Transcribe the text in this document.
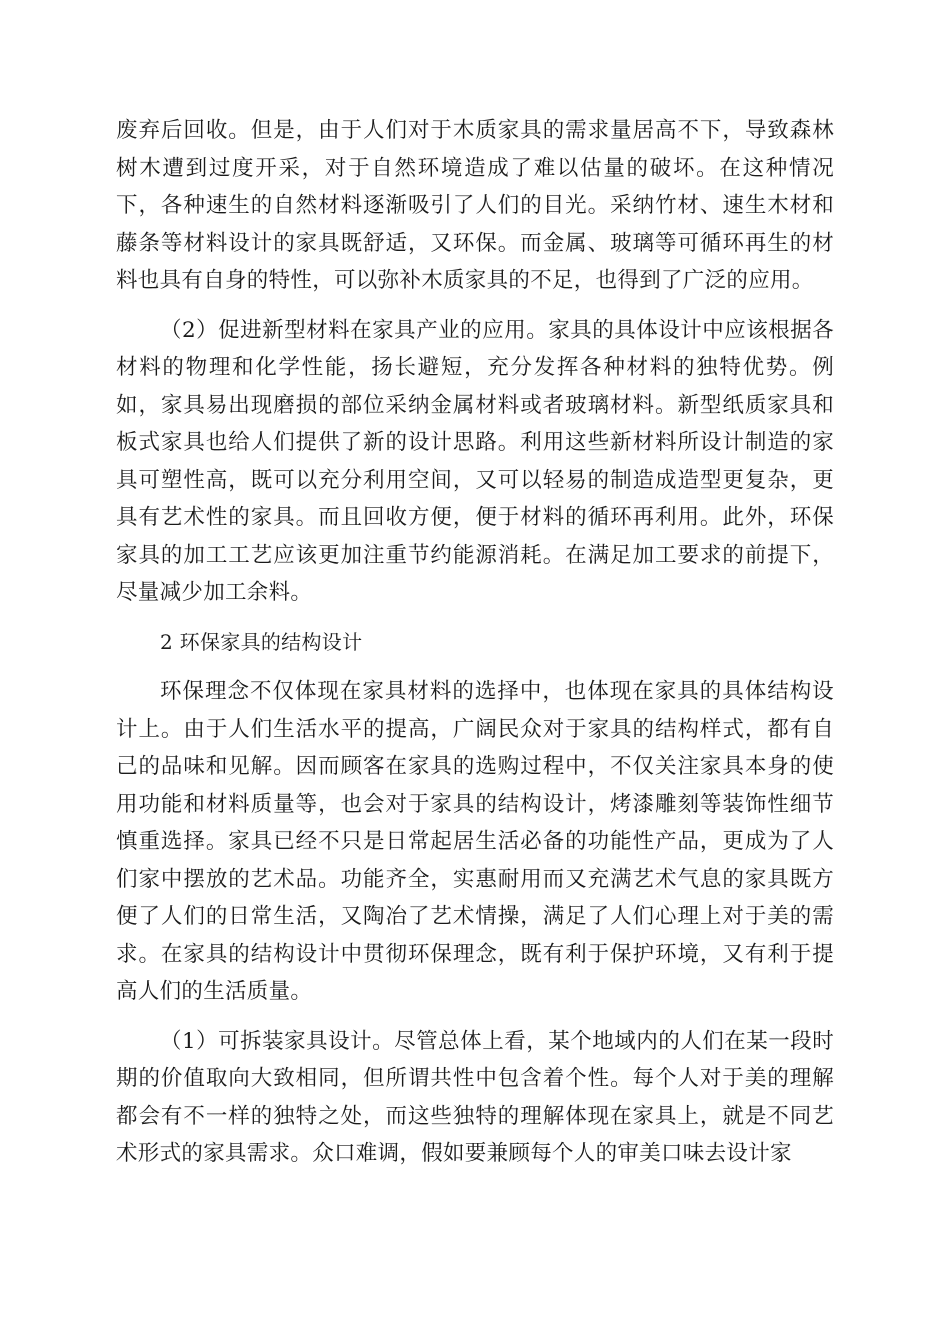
废弃后回收。但是，由于人们对于木质家具的需求量居高不下，导致森林树木遭到过度开采，对于自然环境造成了难以估量的破坏。在这种情况下，各种速生的自然材料逐渐吸引了人们的目光。采纳竹材、速生木材和藤条等材料设计的家具既舒适，又环保。而金属、玻璃等可循环再生的材料也具有自身的特性，可以弥补木质家具的不足，也得到了广泛的应用。

（2）促进新型材料在家具产业的应用。家具的具体设计中应该根据各材料的物理和化学性能，扬长避短，充分发挥各种材料的独特优势。例如，家具易出现磨损的部位采纳金属材料或者玻璃材料。新型纸质家具和板式家具也给人们提供了新的设计思路。利用这些新材料所设计制造的家具可塑性高，既可以充分利用空间，又可以轻易的制造成造型更复杂，更具有艺术性的家具。而且回收方便，便于材料的循环再利用。此外，环保家具的加工工艺应该更加注重节约能源消耗。在满足加工要求的前提下，尽量减少加工余料。

2 环保家具的结构设计

环保理念不仅体现在家具材料的选择中，也体现在家具的具体结构设计上。由于人们生活水平的提高，广阔民众对于家具的结构样式，都有自己的品味和见解。因而顾客在家具的选购过程中，不仅关注家具本身的使用功能和材料质量等，也会对于家具的结构设计，烤漆雕刻等装饰性细节慎重选择。家具已经不只是日常起居生活必备的功能性产品，更成为了人们家中摆放的艺术品。功能齐全，实惠耐用而又充满艺术气息的家具既方便了人们的日常生活，又陶冶了艺术情操，满足了人们心理上对于美的需求。在家具的结构设计中贯彻环保理念，既有利于保护环境，又有利于提高人们的生活质量。

（1）可拆装家具设计。尽管总体上看，某个地域内的人们在某一段时期的价值取向大致相同，但所谓共性中包含着个性。每个人对于美的理解都会有不一样的独特之处，而这些独特的理解体现在家具上，就是不同艺术形式的家具需求。众口难调，假如要兼顾每个人的审美口味去设计家
